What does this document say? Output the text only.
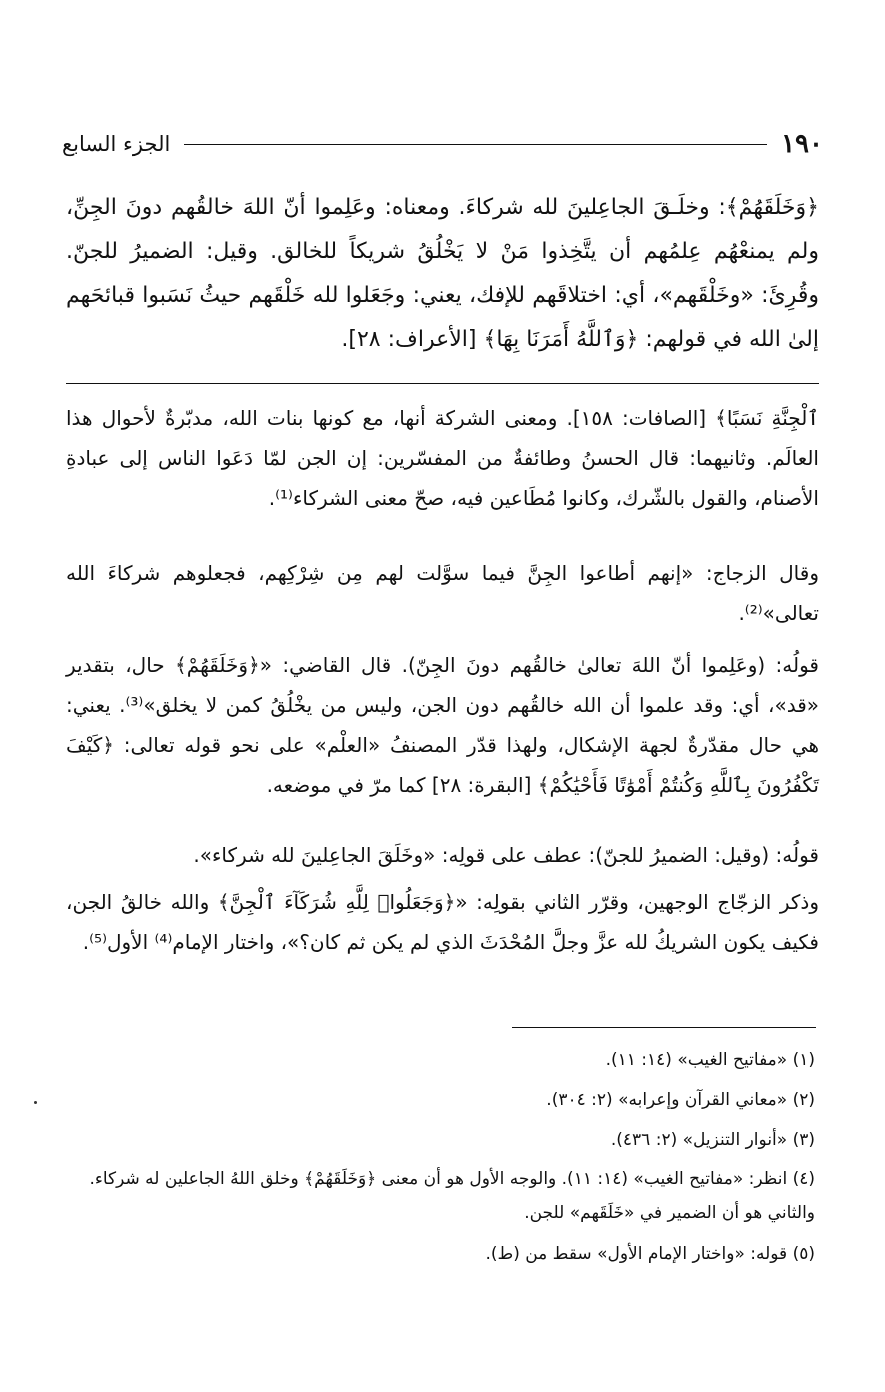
الجزء السابع	١٩٠
﴿وَخَلَقَهُمْ﴾: وخلَـقَ الجاعِلينَ لله شركاءَ. ومعناه: وعَلِموا أنّ اللهَ خالقُهم دونَ الجِنِّ، ولم يمنعْهُم عِلمُهم أن يتَّخِذوا مَنْ لا يَخْلُقُ شريكاً للخالق. وقيل: الضميرُ للجنّ. وقُرِئَ: «وخَلْقَهم»، أي: اختلاقَهم للإفك، يعني: وجَعَلوا لله خَلْقَهم حيثُ نَسَبوا قبائحَهم إلىٰ الله في قولهم: ﴿وَٱللَّهُ أَمَرَنَا بِهَا﴾ [الأعراف: ٢٨].
ٱلْجِنَّةِ نَسَبًا﴾ [الصافات: ١٥٨]. ومعنى الشركة أنها، مع كونها بنات الله، مدبّرةٌ لأحوال هذا العالَم. وثانيهما: قال الحسنُ وطائفةٌ من المفسّرين: إن الجن لمّا دَعَوا الناس إلى عبادةِ الأصنام، والقول بالشّرك، وكانوا مُطَاعين فيه، صحّ معنى الشركاء⁽¹⁾.
وقال الزجاج: «إنهم أطاعوا الجِنَّ فيما سوَّلت لهم مِن شِرْكِهم، فجعلوهم شركاءَ الله تعالى»⁽²⁾.
قولُه: (وعَلِموا أنّ اللهَ تعالىٰ خالقُهم دونَ الجِنّ). قال القاضي: «﴿وَخَلَقَهُمْ﴾ حال، بتقدير «قد»، أي: وقد علموا أن الله خالقُهم دون الجن، وليس من يخْلُقُ كمن لا يخلق»⁽³⁾. يعني: هي حال مقدّرةٌ لجهة الإشكال، ولهذا قدّر المصنفُ «العلْم» على نحو قوله تعالى: ﴿كَيْفَ تَكْفُرُونَ بِٱللَّهِ وَكُنتُمْ أَمْوَٰتًا فَأَحْيَٰكُمْ﴾ [البقرة: ٢٨] كما مرّ في موضعه.
قولُه: (وقيل: الضميرُ للجنّ): عطف على قولِه: «وخَلَقَ الجاعِلينَ لله شركاء».
وذكر الزجّاج الوجهين، وقرّر الثاني بقولِه: «﴿وَجَعَلُوا۟ لِلَّهِ شُرَكَآءَ ٱلْجِنَّ﴾ والله خالقُ الجن، فكيف يكون الشريكُ لله عزَّ وجلَّ المُحْدَثَ الذي لم يكن ثم كان؟»، واختار الإمام⁽⁴⁾ الأول⁽⁵⁾.
(١) «مفاتيح الغيب» (١٤: ١١).
(٢) «معاني القرآن وإعرابه» (٢: ٣٠٤).
(٣) «أنوار التنزيل» (٢: ٤٣٦).
(٤) انظر: «مفاتيح الغيب» (١٤: ١١). والوجه الأول هو أن معنى ﴿وَخَلَقَهُمْ﴾ وخلق اللهُ الجاعلين له شركاء. والثاني هو أن الضمير في «خَلَقَهم» للجن.
(٥) قوله: «واختار الإمام الأول» سقط من (ط).
